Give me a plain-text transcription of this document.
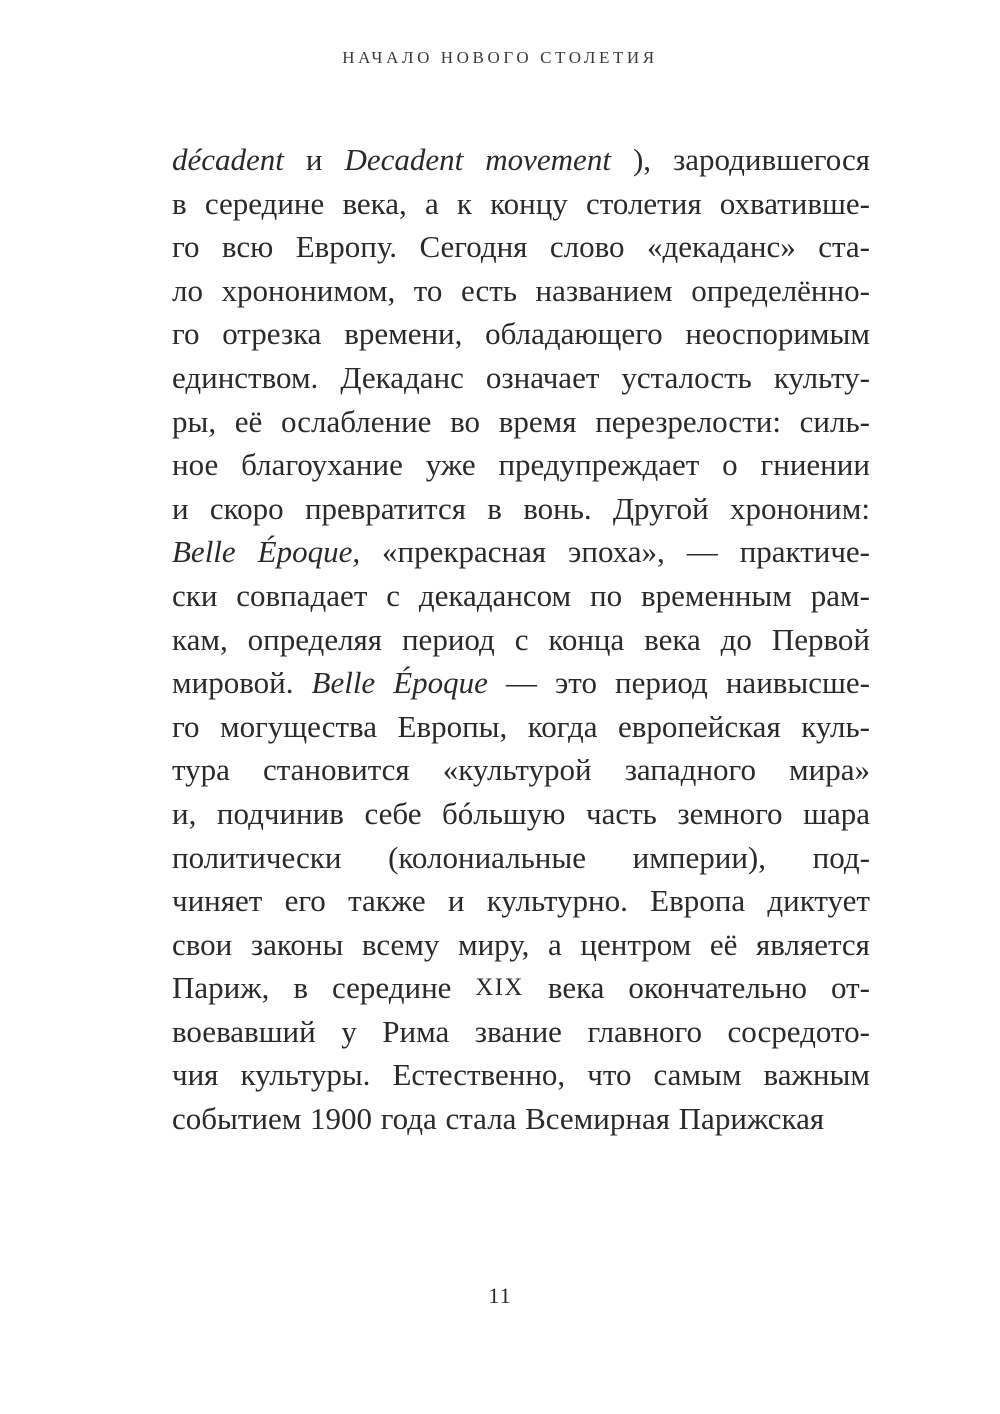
НАЧАЛО НОВОГО СТОЛЕТИЯ
décadent и Decadent movement ), зародившегося
в середине века, а к концу столетия охвативше-
го всю Европу. Сегодня слово «декаданс» ста-
ло хрононимом, то есть названием определённо-
го отрезка времени, обладающего неоспоримым
единством. Декаданс означает усталость культу-
ры, её ослабление во время перезрелости: силь-
ное благоухание уже предупреждает о гниении
и скоро превратится в вонь. Другой хрононим:
Belle Époque, «прекрасная эпоха», — практиче-
ски совпадает с декадансом по временным рам-
кам, определяя период с конца века до Первой
мировой. Belle Époque — это период наивысше-
го могущества Европы, когда европейская куль-
тура становится «культурой западного мира»
и, подчинив себе бóльшую часть земного шара
политически (колониальные империи), под-
чиняет его также и культурно. Европа диктует
свои законы всему миру, а центром её является
Париж, в середине XIX века окончательно от-
воевавший у Рима звание главного сосредото-
чия культуры. Естественно, что самым важным
событием 1900 года стала Всемирная Парижская
11
